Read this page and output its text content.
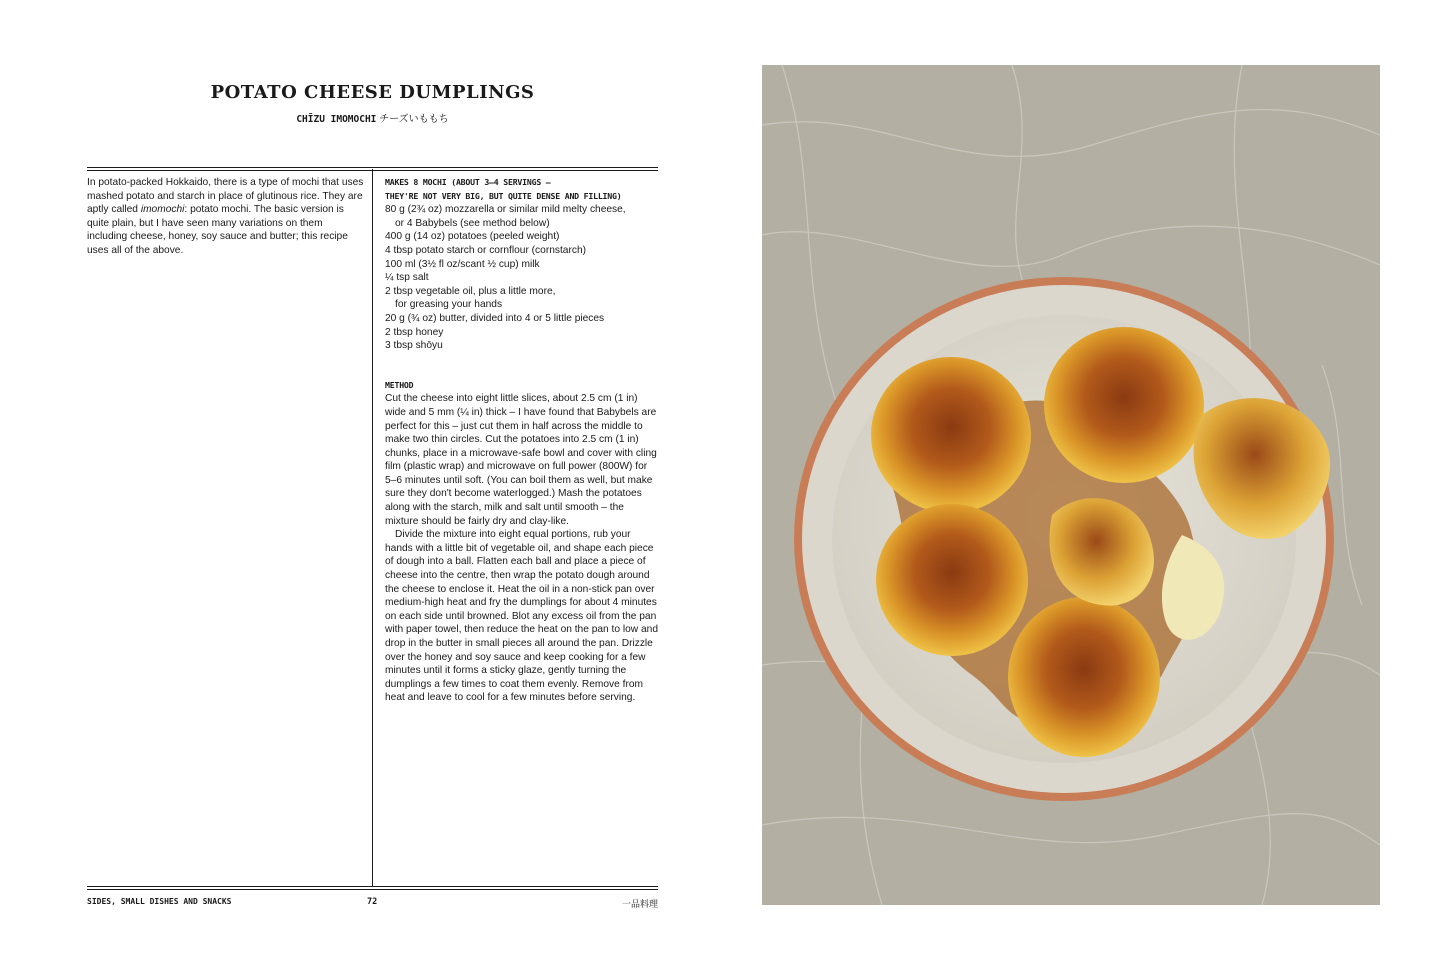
POTATO CHEESE DUMPLINGS
CHĪZU IMOMOCHI チーズいももち

In potato-packed Hokkaido, there is a type of mochi that uses mashed potato and starch in place of glutinous rice. They are aptly called imomochi: potato mochi. The basic version is quite plain, but I have seen many variations on them including cheese, honey, soy sauce and butter; this recipe uses all of the above.

MAKES 8 MOCHI (ABOUT 3–4 SERVINGS –
THEY'RE NOT VERY BIG, BUT QUITE DENSE AND FILLING)
80 g (2¾ oz) mozzarella or similar mild melty cheese,
or 4 Babybels (see method below)
400 g (14 oz) potatoes (peeled weight)
4 tbsp potato starch or cornflour (cornstarch)
100 ml (3½ fl oz/scant ½ cup) milk
¼ tsp salt
2 tbsp vegetable oil, plus a little more,
for greasing your hands
20 g (¾ oz) butter, divided into 4 or 5 little pieces
2 tbsp honey
3 tbsp shōyu
METHOD

Cut the cheese into eight little slices, about 2.5 cm (1 in) wide and 5 mm (¼ in) thick – I have found that Babybels are perfect for this – just cut them in half across the middle to make two thin circles. Cut the potatoes into 2.5 cm (1 in) chunks, place in a microwave-safe bowl and cover with cling film (plastic wrap) and microwave on full power (800W) for 5–6 minutes until soft. (You can boil them as well, but make sure they don't become waterlogged.) Mash the potatoes along with the starch, milk and salt until smooth – the mixture should be fairly dry and clay-like.

Divide the mixture into eight equal portions, rub your hands with a little bit of vegetable oil, and shape each piece of dough into a ball. Flatten each ball and place a piece of cheese into the centre, then wrap the potato dough around the cheese to enclose it. Heat the oil in a non-stick pan over medium-high heat and fry the dumplings for about 4 minutes on each side until browned. Blot any excess oil from the pan with paper towel, then reduce the heat on the pan to low and drop in the butter in small pieces all around the pan. Drizzle over the honey and soy sauce and keep cooking for a few minutes until it forms a sticky glaze, gently turning the dumplings a few times to coat them evenly. Remove from heat and leave to cool for a few minutes before serving.

SIDES, SMALL DISHES AND SNACKS	72	一品料理
